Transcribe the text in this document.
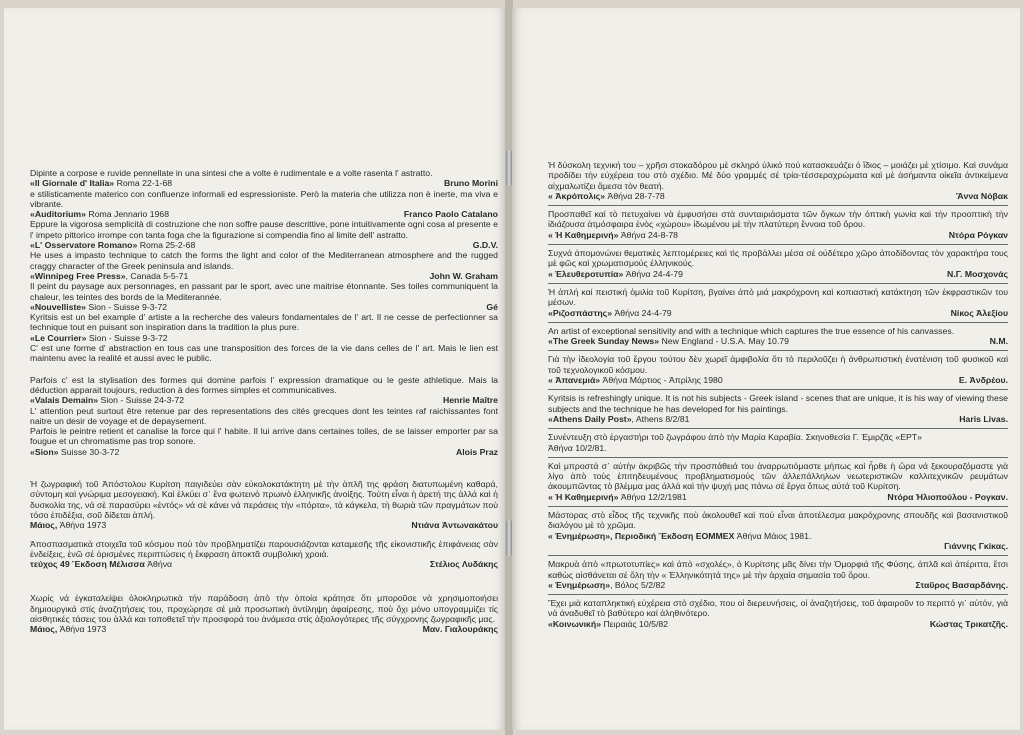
Dipinte a corpose e ruvide pennellate in una sintesi che a volte è rudimentale e a volte rasenta l' astratto.

«Il Giornale d' Italia» Roma 22-1-68	Bruno Morini

e stilisticamente materico con confluenze informali ed espressioniste. Però la materia che utilizza non è inerte, ma viva e vibrante.

«Auditorium» Roma Jennario 1968	Franco Paolo Catalano

Eppure la vigorosa semplicità di costruzione che non soffre pause descrittive, pone intuitivamente ogni cosa al presente e l' impeto pittorico irrompe con tanta foga che la figurazione si compendia fino al limite dell' astratto.

«L' Osservatore Romano» Roma 25-2-68	G.D.V.

He uses a impasto technique to catch the forms the light and color of the Mediterranean atmosphere and the rugged craggy character of the Greek peninsula and islands.

«Winnipeg Free Press», Canada 5-5-71	John W. Graham

Il peint du paysage aux personnages, en passant par le sport, avec une maitrise étonnante. Ses toiles communiquent la chaleur, les teintes des bords de la Mediterannée.

«Nouvelliste» Sion - Suisse 9-3-72	Gé

Kyritsis est un bel example d' artiste a la recherche des valeurs fondamentales de l' art. Il ne cesse de perfectionner sa technique tout en puisant son inspiration dans la tradition la plus pure.

«Le Courrier» Sion - Suisse 9-3-72

C' est une forme d' abstraction en tous cas une transposition des forces de la vie dans celles de l' art. Mais le lien est maintenu avec la realité et aussi avec le public.

Parfois c' est la stylisation des formes qui domine parfois l' expression dramatique ou le geste athletique. Mais la déduction apparait toujours, reduction à des formes simples et communicatives.

«Valais Demain» Sion - Suisse 24-3-72	Henrie Maître

L' attention peut surtout être retenue par des representations des cités grecques dont les teintes raf raichissantes font naitre un desir de voyage et de depaysement.

Parfois le peintre retient et canalise la force qui l' habite. Il lui arrive dans certaines toiles, de se laisser emporter par sa fougue et un chromatisme pas trop sonore.

«Sion» Suisse 30-3-72	Alois Praz

Ἡ ζωγραφική τοῦ Ἀπόστολου Κυρίτση παιγιδεύει σὰν εὐκολοκατάκτητη μὲ τὴν ἁπλῆ της φράση διατυπωμένη καθαρά, σύντομη καὶ γνώριμα μεσογειακή. Καὶ ἑλκύει σ᾽ ἕνα φωτεινὸ πρωινὸ ἑλληνικῆς ἀνοίξης. Τούτη εἶναι ἡ ἀρετή της ἀλλά καὶ ἡ δυσκολία της, νά σὲ παρασύρει «ἐντός» νά σὲ κάνει νά περάσεις τὴν «πόρτα», τὰ κάγκελα, τὴ θωριὰ τῶν πραγμάτων πού τόσο ἐπιδέξια, σοῦ δίδεται ἁπλή.

Μάιος, Ἀθήνα 1973	Ντιάνα Ἀντωνακάτου

Ἀποσπασματικὰ στοιχεῖα τοῦ κόσμου ποὺ τὸν προβληματίζει παρουσιάζονται καταμεσῆς τῆς εἰκονιστικῆς ἐπιφάνειας σὰν ἐνδείξεις, ἐνῶ σέ ὁρισμένες περιπτώσεις ἡ ἔκφραση ἀποκτᾶ συμβολική χροιά.

τεύχος 49 Ἔκδοση Μέλισσα Ἀθήνα	Στέλιος Λυδάκης

Χωρίς νά ἐγκαταλείψει ὁλοκληρωτικὰ τήν παράδοση ἀπὸ τὴν ὁποία κράτησε ὅτι μποροῦσε νὰ χρησιμοποιήσει δημιουργικά στίς ἀναζητήσεις του, προχώρησε σέ μιὰ προσωπικὴ ἀντίληψη ἀφαίρεσης, ποὺ ὄχι μόνο υπογραμμίζει τίς αἰσθητικές τάσεις του ἀλλά και τοποθετεῖ τὴν προσφορά του ἀνάμεσα στίς ἀξιολογότερες τῆς σύγχρονης ζωγραφικῆς μας.

Μάιος, Ἀθήνα 1973	Μαν. Γιαλουράκης

Ἡ δύσκολη τεχνική του – χρῆσι στοκαδόρου μὲ σκληρό ὑλικό πού κατασκευάζει ὁ ἴδιος – μοιάζει μὲ χτίσιμο. Καὶ συνάμα προδίδει τὴν εὐχέρεια του στὸ σχέδιο. Μέ δύο γραμμές σέ τρία-τέσσεραχρώματα καὶ μὲ ἀσήμαντα οἰκεῖα ἀντικείμενα αἰχμαλωτίζει ἄμεσα τὸν θεατή.

« Ἀκρόπολις» Ἀθήνα 28-7-78	Ἄννα Νόβακ

Προσπαθεῖ καί τὸ πετυχαίνει νὰ ἐμφυσήσει στὰ συνταιριάσματα τῶν ὄγκων τὴν ὀπτικὴ γωνία καὶ τὴν προοπτικὴ τὴν ἰδιάζουσα ἀτμόσφαιρα ἑνὸς «χώρου» ἰδωμένου μὲ τὴν πλατύτερη ἔννοια τοῦ ὅρου.

« Ἡ Καθημερινή» Ἀθήνα 24-8-78	Ντόρα Ρόγκαν

Συχνά ἀπομονώνει θεματικὲς λεπτομέρειες καὶ τὶς προβάλλει μέσα σέ οὐδέτερο χῶρο ἀποδίδοντας τὸν χαρακτήρα τους μὲ φῶς καὶ χρωματισμούς ἑλληνικούς.

« Ἐλευθεροτυπία» Ἀθήνα 24-4-79	Ν.Γ. Μοσχονάς

Ἡ ἁπλή καί πειστική ὁμιλία τοῦ Κυρίτση, βγαίνει ἀπὸ μιά μακρόχρονη καὶ κοπιαστική κατάκτηση τῶν ἐκφραστικῶν του μέσων.

«Ριζοσπάστης» Ἀθήνα 24-4-79	Νίκος Ἀλεξίου

An artist of exceptional sensitivity and with a technique which captures the true essence of his canvasses.

«The Greek Sunday News» New England - U.S.A. May 10.79	N.M.

Γιὰ τὴν ἰδεολογία τοῦ ἔργου τούτου δὲν χωρεῖ ἀμφιβολία ὅτι τὸ περιλοῦζει ἡ ἀνθρωπιστικὴ ἐνατένιση τοῦ φυσικοῦ καὶ τοῦ τεχνολογικοῦ κόσμου.

« Ἀπανεμιά» Ἀθήνα Μάρτιος - Ἀπρίλης 1980	Ε. Ἀνδρέου.

Kyritsis is refreshingly unique. It is not his subjects - Greek island - scenes that are unique, it is his way of viewing these subjects and the technique he has developed for his paintings.

«Athens Daily Post», Athens 8/2/81	Haris Livas.

Συνέντευξη στὸ ἐργαστήρι τοῦ ζωγράφου ἀπὸ τὴν Μαρία Καραβία. Σκηνοθεσία Γ. Ἐμιρζᾶς «ΕΡΤ»

Ἀθήνα 10/2/81.

Καὶ μπροστά σ᾽ αὐτὴν ἀκριβῶς τὴν προσπάθειά του ἀναρρωτιόμαστε μήπως καὶ ἦρθε ἡ ὥρα νά ξεκουραζόμαστε γιὰ λίγο ἀπὸ τοὺς ἐπιτηδευμένους προβληματισμούς τῶν ἀλλεπάλληλων νεωτεριστικῶν καλλιτεχνικῶν ρευμάτων ἀκουμπῶντας τὸ βλέμμα μας ἀλλά καὶ τὴν ψυχή μας πάνω σέ ἔργα ὅπως αὐτά τοῦ Κυρίτση.

« Ἡ Καθημερινή» Ἀθήνα 12/2/1981	Ντόρα Ἡλιοπούλου - Ρογκαν.

Μάστορας στὸ εἶδος τῆς τεχνικῆς ποὺ ἀκολουθεῖ καὶ πού εἶναι ἀποτέλεσμα μακρόχρονης σπουδῆς καὶ βασανιστικοῦ διαλόγου μὲ τὸ χρῶμα.

« Ἐνημέρωση», Περιοδική Ἔκδοση ΕΟΜΜΕΧ Ἀθήνα Μάιος 1981.
Γιάννης Γκίκας.

Μακρυὰ ἀπὸ «πρωτοτυπίες» καὶ ἀπὸ «σχολές», ὁ Κυρίτσης μᾶς δίνει τὴν Ὀμορφιά τῆς Φύσης, ἁπλᾶ καὶ ἀπέριττα, ἔτσι καθὼς αἰσθάνεται σέ ὅλη τὴν « Ἑλληνικότητά της» μὲ τὴν ἀρχαία σημασία τοῦ ὅρου.

« Ἐνημέρωση», Βόλος 5/2/82	Σταῦρος Βασαρδάνης.

Ἔχει μιὰ καταπληκτική εὐχέρεια στὸ σχέδιο, που οἱ διερευνήσεις, οἱ ἀναζητήσεις, τοῦ ἀφαιροῦν το περιττό γι᾽ αὐτόν, γιὰ νά ἀναδυθεῖ τὸ βαθύτερο καί ἀληθινότερο.

«Κοινωνική» Πειραιάς 10/5/82	Κώστας Τρικατζῆς.
